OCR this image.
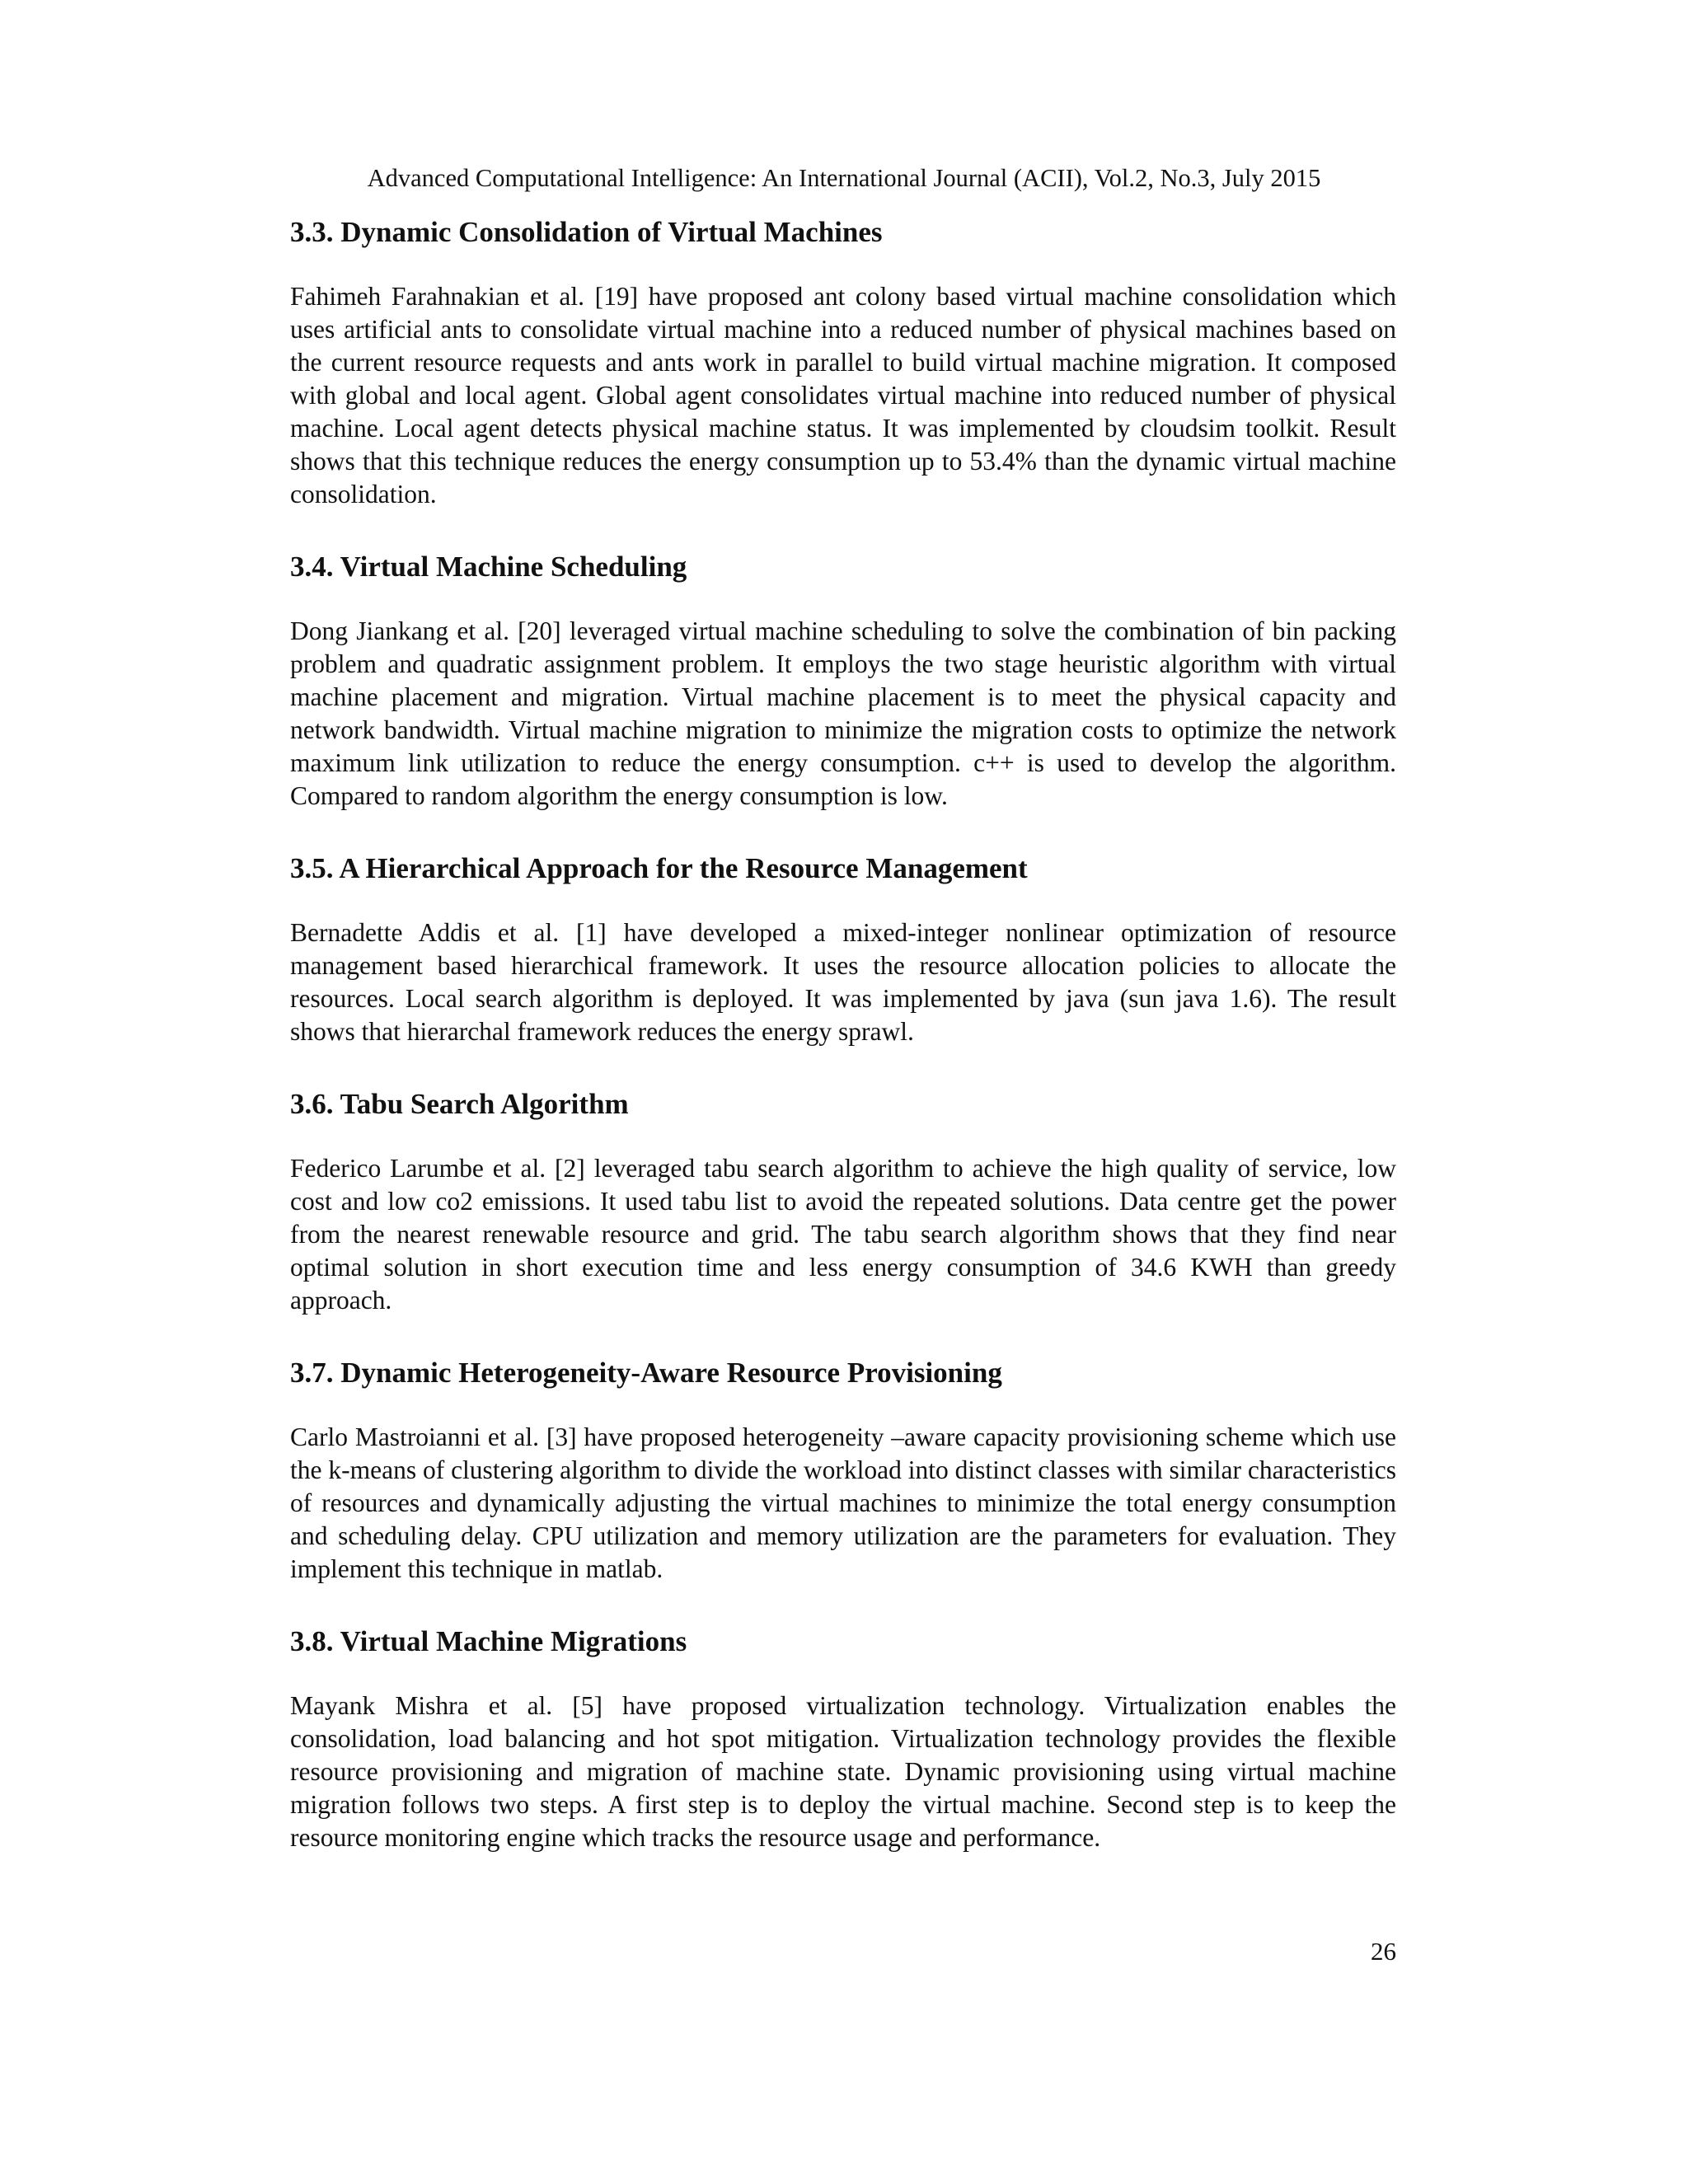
Advanced Computational Intelligence: An International Journal (ACII), Vol.2, No.3, July 2015
3.3. Dynamic Consolidation of Virtual Machines

Fahimeh Farahnakian et al. [19] have proposed ant colony based virtual machine consolidation which uses artificial ants to consolidate virtual machine into a reduced number of physical machines based on the current resource requests and ants work in parallel to build virtual machine migration. It composed with global and local agent. Global agent consolidates virtual machine into reduced number of physical machine. Local agent detects physical machine status. It was implemented by cloudsim toolkit. Result shows that this technique reduces the energy consumption up to 53.4% than the dynamic virtual machine consolidation.

3.4. Virtual Machine Scheduling

Dong Jiankang et al. [20] leveraged virtual machine scheduling to solve the combination of bin packing problem and quadratic assignment problem. It employs the two stage heuristic algorithm with virtual machine placement and migration. Virtual machine placement is to meet the physical capacity and network bandwidth. Virtual machine migration to minimize the migration costs to optimize the network maximum link utilization to reduce the energy consumption. c++ is used to develop the algorithm. Compared to random algorithm the energy consumption is low.

3.5. A Hierarchical Approach for the Resource Management

Bernadette Addis et al. [1] have developed a mixed-integer nonlinear optimization of resource management based hierarchical framework. It uses the resource allocation policies to allocate the resources. Local search algorithm is deployed. It was implemented by java (sun java 1.6). The result shows that hierarchal framework reduces the energy sprawl.

3.6. Tabu Search Algorithm

Federico Larumbe et al. [2] leveraged tabu search algorithm to achieve the high quality of service, low cost and low co2 emissions. It used tabu list to avoid the repeated solutions. Data centre get the power from the nearest renewable resource and grid. The tabu search algorithm shows that they find near optimal solution in short execution time and less energy consumption of 34.6 KWH than greedy approach.

3.7. Dynamic Heterogeneity-Aware Resource Provisioning

Carlo Mastroianni et al. [3] have proposed heterogeneity –aware capacity provisioning scheme which use the k-means of clustering algorithm to divide the workload into distinct classes with similar characteristics of resources and dynamically adjusting the virtual machines to minimize the total energy consumption and scheduling delay. CPU utilization and memory utilization are the parameters for evaluation. They implement this technique in matlab.

3.8. Virtual Machine Migrations

Mayank Mishra et al. [5] have proposed virtualization technology. Virtualization enables the consolidation, load balancing and hot spot mitigation. Virtualization technology provides the flexible resource provisioning and migration of machine state. Dynamic provisioning using virtual machine migration follows two steps. A first step is to deploy the virtual machine. Second step is to keep the resource monitoring engine which tracks the resource usage and performance.

26
